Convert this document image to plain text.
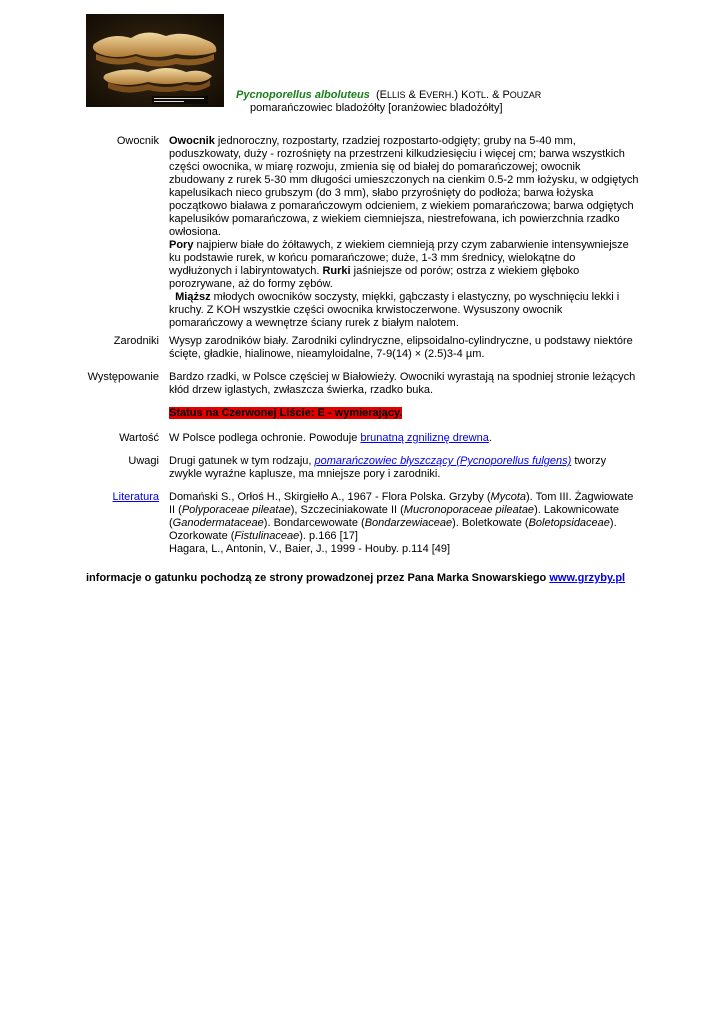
Pycnoporellus alboluteus (ELLIS & EVERH.) KOTL. & POUZAR
pomarańczowiec bladożółty [oranżowiec bladożółty]
Owocnik Owocnik jednoroczny, rozpostarty, rzadziej rozpostarto-odgięty; gruby na 5-40 mm, poduszkowaty, duży - rozrośnięty na przestrzeni kilkudziesięciu i więcej cm; barwa wszystkich części owocnika, w miarę rozwoju, zmienia się od białej do pomarańczowej; owocnik zbudowany z rurek 5-30 mm długości umieszczonych na cienkim 0.5-2 mm łożysku, w odgiętych kapelusikach nieco grubszym (do 3 mm), słabo przyrośnięty do podłoża; barwa łożyska początkowo biaława z pomarańczowym odcieniem, z wiekiem pomarańczowa; barwa odgiętych kapelusików pomarańczowa, z wiekiem ciemniejsza, niestrefowana, ich powierzchnia rzadko owłosiona.
Pory najpierw białe do żółtawych, z wiekiem ciemnieją przy czym zabarwienie intensywniejsze ku podstawie rurek, w końcu pomarańczowe; duże, 1-3 mm średnicy, wielokątne do wydłużonych i labiryntowatych. Rurki jaśniejsze od porów; ostrza z wiekiem głęboko porozrywane, aż do formy zębów.
Miąższ młodych owocników soczysty, miękki, gąbczasty i elastyczny, po wyschnięciu lekki i kruchy. Z KOH wszystkie części owocnika krwistoczerwone. Wysuszony owocnik pomarańczowy a wewnętrze ściany rurek z białym nalotem.
Zarodniki Wysyp zarodników biały. Zarodniki cylindryczne, elipsoidalno-cylindryczne, u podstawy niektóre ścięte, gładkie, hialinowe, nieamyloidalne, 7-9(14) × (2.5)3-4 µm.
Występowanie Bardzo rzadki, w Polsce częściej w Białowieży. Owocniki wyrastają na spodniej stronie leżących kłód drzew iglastych, zwłaszcza świerka, rzadko buka.
Status na Czerwonej Liście: E - wymierający.
Wartość W Polsce podlega ochronie. Powoduje brunatną zgniliznę drewna.
Uwagi Drugi gatunek w tym rodzaju, pomarańczowiec błyszczący (Pycnoporellus fulgens) tworzy zwykle wyraźne kaplusze, ma mniejsze pory i zarodniki.
Literatura Domański S., Orłoś H., Skirgiełło A., 1967 - Flora Polska. Grzyby (Mycota). Tom III. Żagwiowate II (Polyporaceae pileatae), Szczeciniakowate II (Mucronoporaceae pileatae). Lakownicowate (Ganodermataceae). Bondarcewowate (Bondarzewiaceae). Boletkowate (Boletopsidaceae). Ozorkowate (Fistulinaceae). p.166 [17]
Hagara, L., Antonin, V., Baier, J., 1999 - Houby. p.114 [49]
informacje o gatunku pochodzą ze strony prowadzonej przez Pana Marka Snowarskiego www.grzyby.pl
